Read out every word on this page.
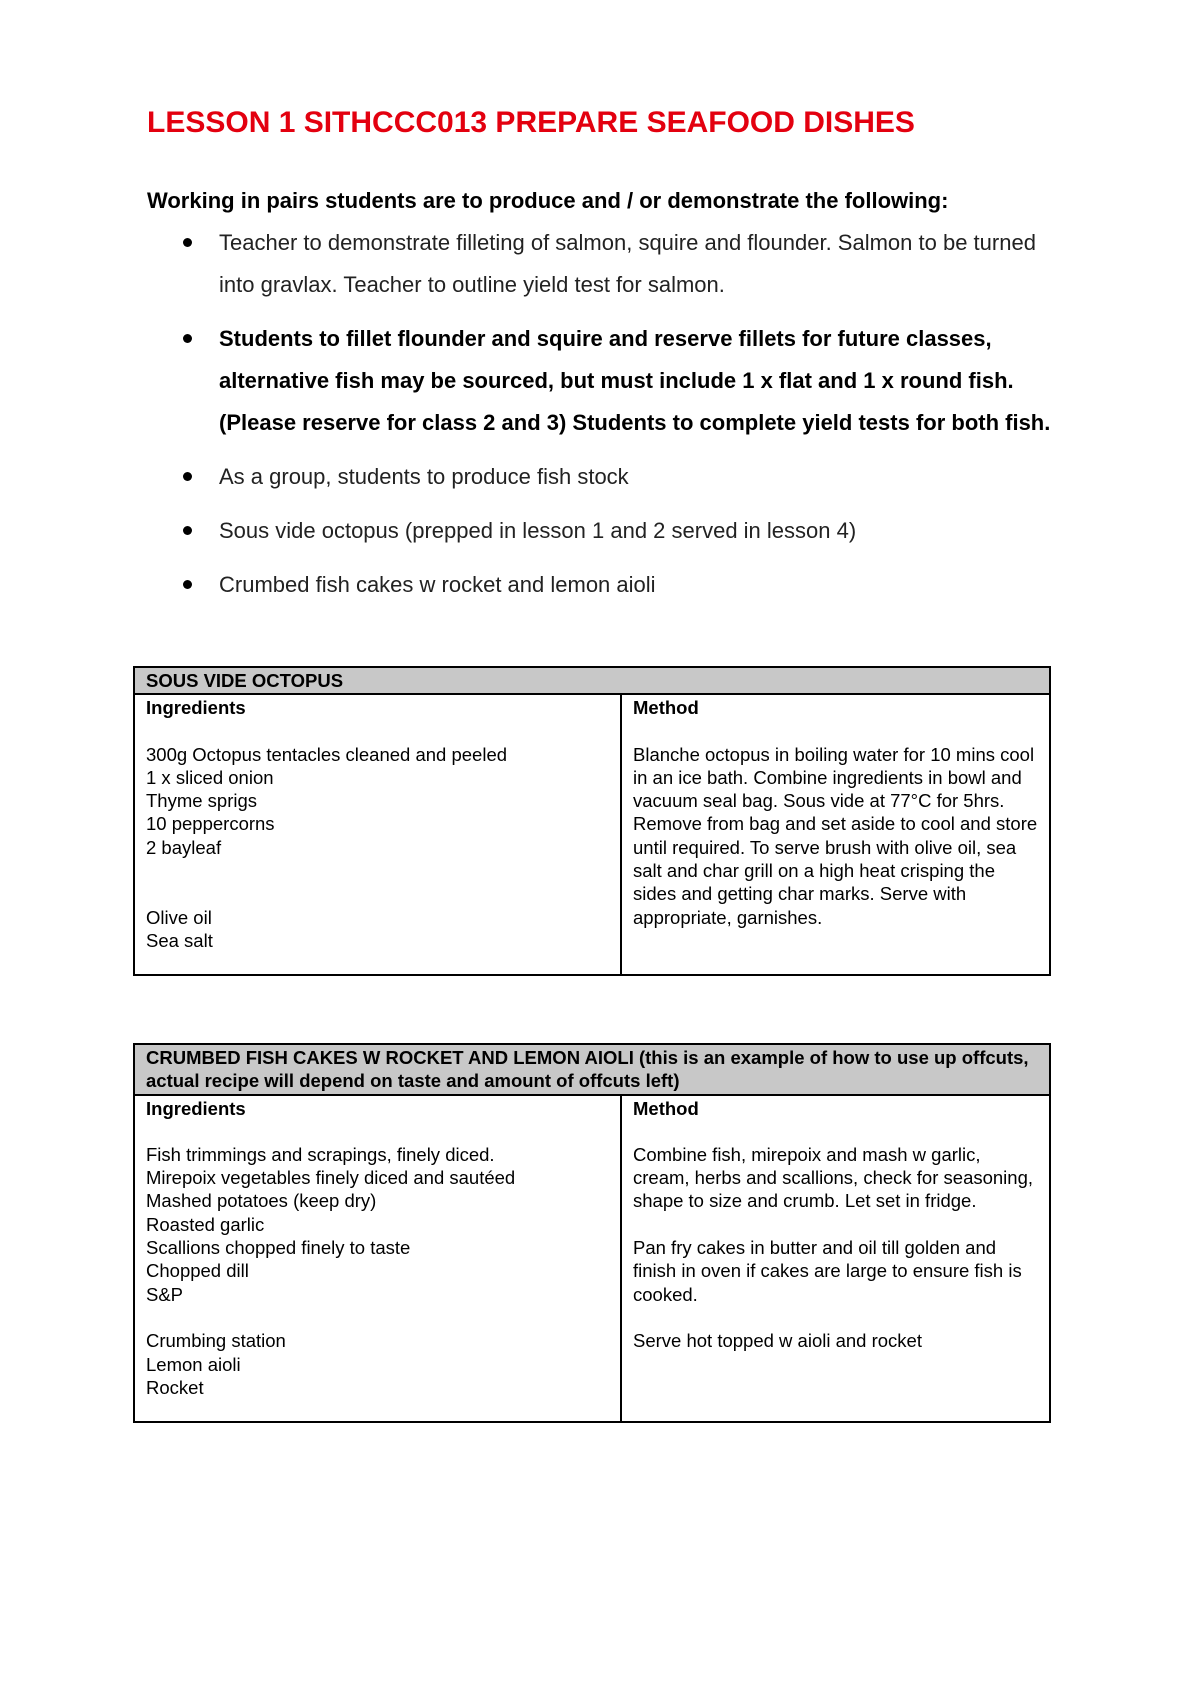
LESSON 1 SITHCCC013 PREPARE SEAFOOD DISHES
Working in pairs students are to produce and / or demonstrate the following:
Teacher to demonstrate filleting of salmon, squire and flounder. Salmon to be turned into gravlax. Teacher to outline yield test for salmon.
Students to fillet flounder and squire and reserve fillets for future classes, alternative fish may be sourced, but must include 1 x flat and 1 x round fish. (Please reserve for class 2 and 3) Students to complete yield tests for both fish.
As a group, students to produce fish stock
Sous vide octopus (prepped in lesson 1 and 2 served in lesson 4)
Crumbed fish cakes w rocket and lemon aioli
SOUS VIDE OCTOPUS

Ingredients
300g Octopus tentacles cleaned and peeled
1 x sliced onion
Thyme sprigs
10 peppercorns
2 bayleaf
Olive oil
Sea salt

Method
Blanche octopus in boiling water for 10 mins cool in an ice bath. Combine ingredients in bowl and vacuum seal bag. Sous vide at 77°C for 5hrs. Remove from bag and set aside to cool and store until required. To serve brush with olive oil, sea salt and char grill on a high heat crisping the sides and getting char marks. Serve with appropriate, garnishes.
CRUMBED FISH CAKES W ROCKET AND LEMON AIOLI (this is an example of how to use up offcuts, actual recipe will depend on taste and amount of offcuts left)

Ingredients
Fish trimmings and scrapings, finely diced.
Mirepoix vegetables finely diced and sautéed
Mashed potatoes (keep dry)
Roasted garlic
Scallions chopped finely to taste
Chopped dill
S&P
Crumbing station
Lemon aioli
Rocket

Method
Combine fish, mirepoix and mash w garlic, cream, herbs and scallions, check for seasoning, shape to size and crumb. Let set in fridge.
Pan fry cakes in butter and oil till golden and finish in oven if cakes are large to ensure fish is cooked.
Serve hot topped w aioli and rocket
